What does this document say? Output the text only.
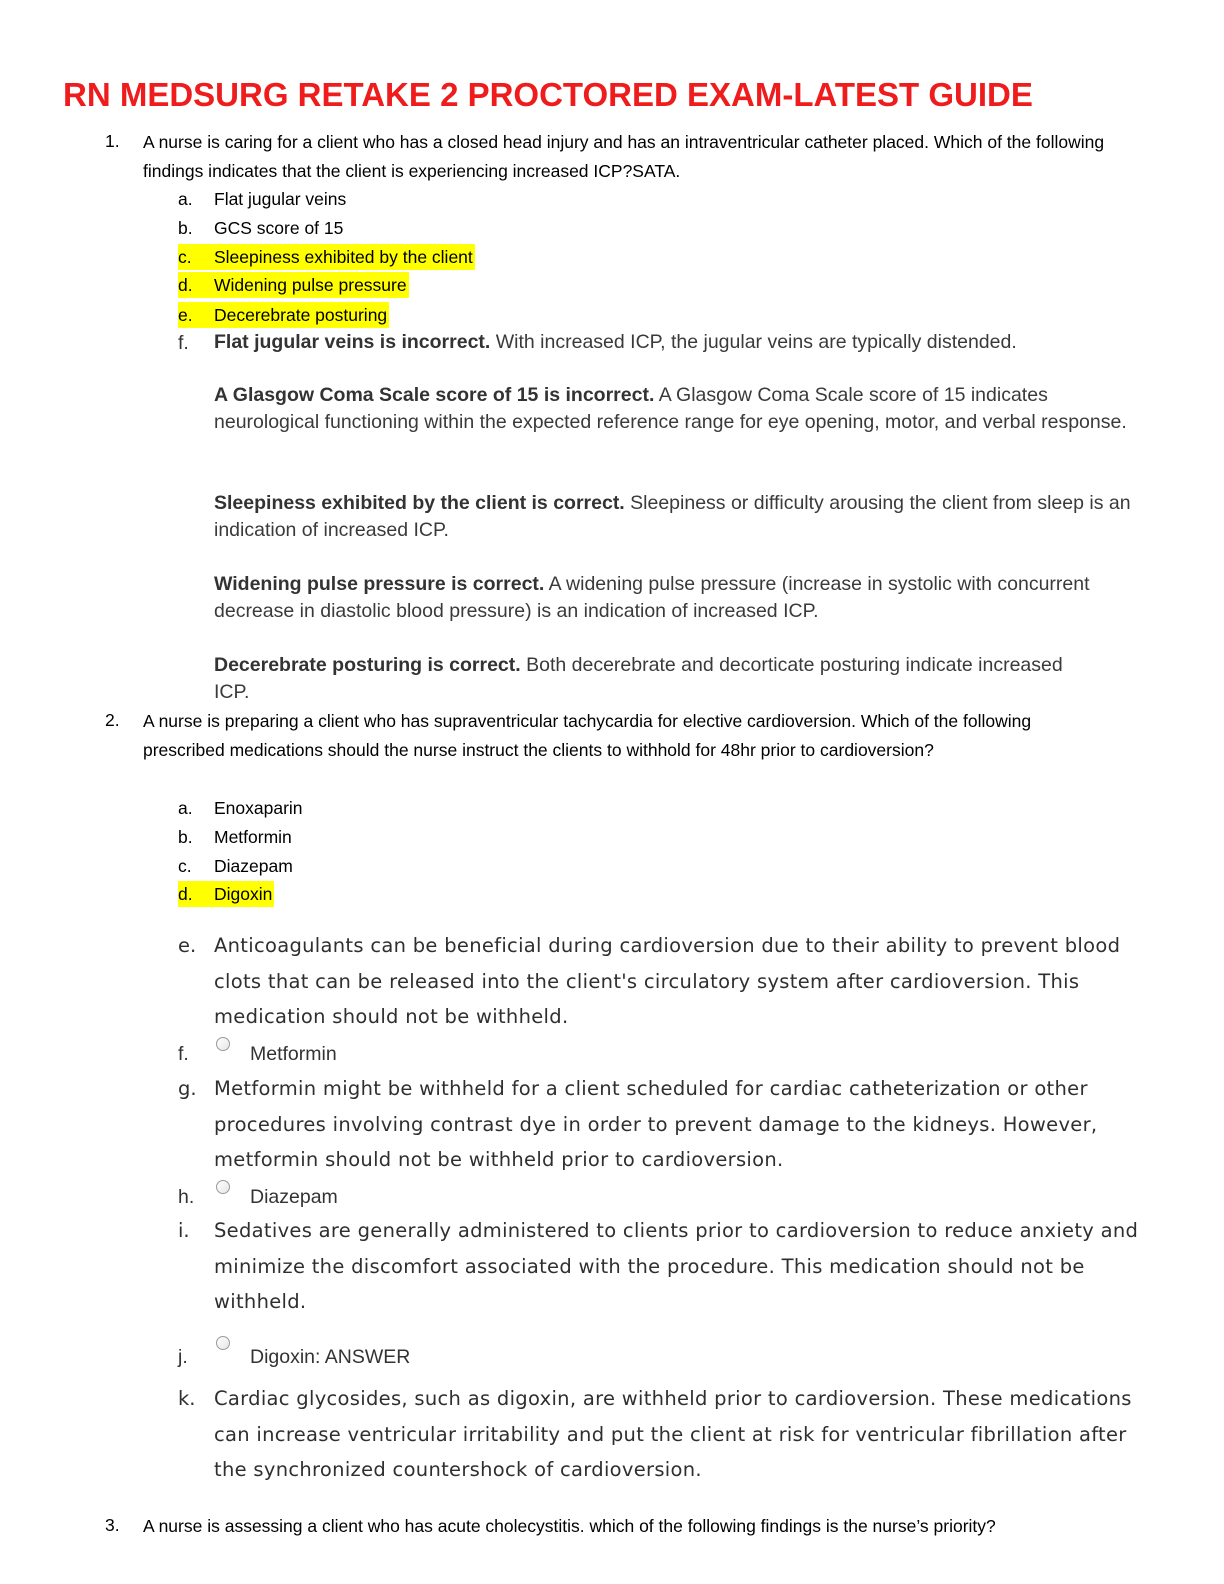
RN MEDSURG RETAKE 2 PROCTORED EXAM-LATEST GUIDE
1. A nurse is caring for a client who has a closed head injury and has an intraventricular catheter placed. Which of the following findings indicates that the client is experiencing increased ICP?SATA.
a. Flat jugular veins
b. GCS score of 15
c. Sleepiness exhibited by the client
d. Widening pulse pressure
e. Decerebrate posturing
f. Flat jugular veins is incorrect. With increased ICP, the jugular veins are typically distended.
A Glasgow Coma Scale score of 15 is incorrect. A Glasgow Coma Scale score of 15 indicates neurological functioning within the expected reference range for eye opening, motor, and verbal response.
Sleepiness exhibited by the client is correct. Sleepiness or difficulty arousing the client from sleep is an indication of increased ICP.
Widening pulse pressure is correct. A widening pulse pressure (increase in systolic with concurrent decrease in diastolic blood pressure) is an indication of increased ICP.
Decerebrate posturing is correct. Both decerebrate and decorticate posturing indicate increased ICP.
2. A nurse is preparing a client who has supraventricular tachycardia for elective cardioversion. Which of the following prescribed medications should the nurse instruct the clients to withhold for 48hr prior to cardioversion?
a. Enoxaparin
b. Metformin
c. Diazepam
d. Digoxin
e. Anticoagulants can be beneficial during cardioversion due to their ability to prevent blood clots that can be released into the client's circulatory system after cardioversion. This medication should not be withheld.
f.	Metformin
g. Metformin might be withheld for a client scheduled for cardiac catheterization or other procedures involving contrast dye in order to prevent damage to the kidneys. However, metformin should not be withheld prior to cardioversion.
h.	Diazepam
i. Sedatives are generally administered to clients prior to cardioversion to reduce anxiety and minimize the discomfort associated with the procedure. This medication should not be withheld.
j.	Digoxin: ANSWER
k. Cardiac glycosides, such as digoxin, are withheld prior to cardioversion. These medications can increase ventricular irritability and put the client at risk for ventricular fibrillation after the synchronized countershock of cardioversion.
3. A nurse is assessing a client who has acute cholecystitis. which of the following findings is the nurse’s priority?
